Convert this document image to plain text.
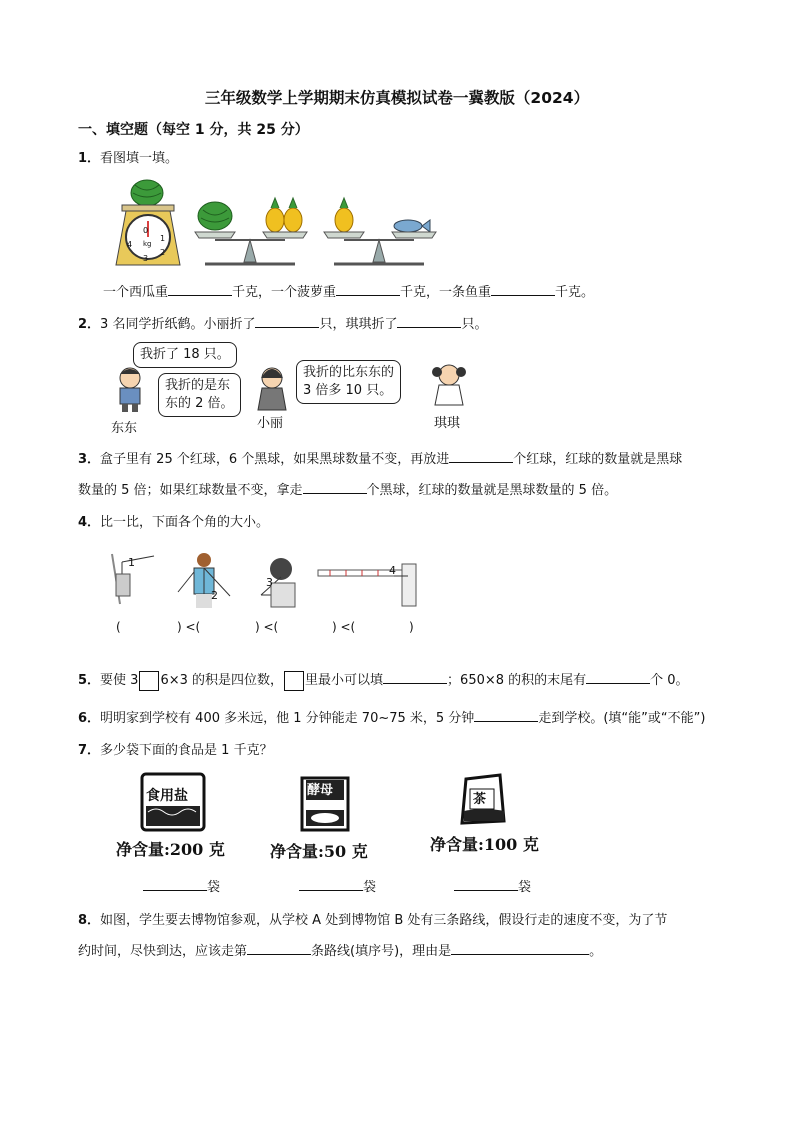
三年级数学上学期期末仿真模拟试卷一冀教版（2024）
一、填空题（每空 1 分，共 25 分）
1．看图填一填。
0
1
2
3
4 kg
一个西瓜重	千克，一个菠萝重	千克，一条鱼重	千克。
2．3 名同学折纸鹤。小丽折了	只，琪琪折了	只。
我折了 18 只。
我折的是东
东的 2 倍。
我折的比东东的
3 倍多 10 只。
东东	小丽	琪琪
3．盒子里有 25 个红球，6 个黑球，如果黑球数量不变，再放进	个红球，红球的数量就是黑球
数量的 5 倍；如果红球数量不变，拿走	个黑球，红球的数量就是黑球数量的 5 倍。
4．比一比，下面各个角的大小。
1
2
3
4
(	) <(	) <(	) <(	)
5．要使 3 6×3 的积是四位数， 里最小可以填	；650×8 的积的末尾有	个 0。
6．明明家到学校有 400 多米远，他 1 分钟能走 70~75 米，5 分钟	走到学校。(填“能”或“不能”)
7．多少袋下面的食品是 1 千克？
食用盐
净含量:200 克
酵母
净含量:50 克
茶
净含量:100 克
袋	袋	袋
8．如图，学生要去博物馆参观，从学校 A 处到博物馆 B 处有三条路线，假设行走的速度不变，为了节
约时间，尽快到达，应该走第	条路线(填序号)，理由是	。
